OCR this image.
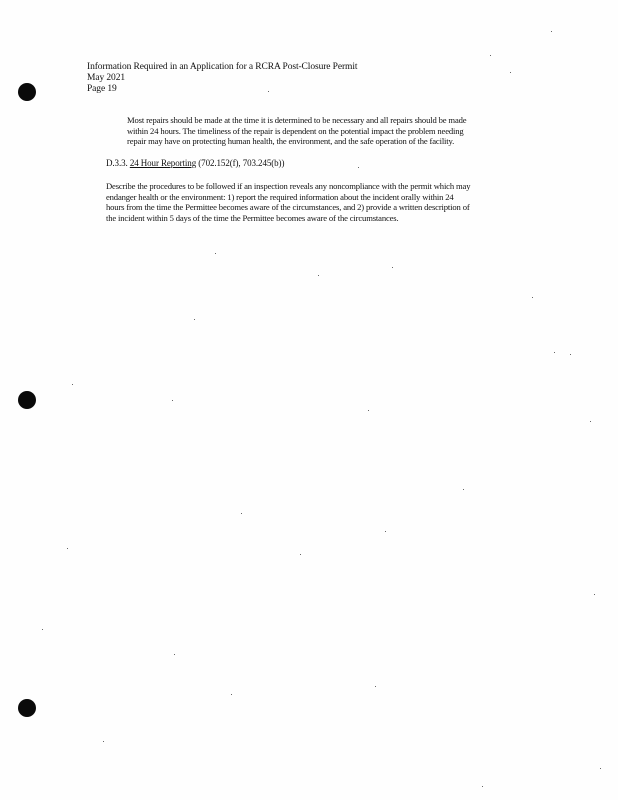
Information Required in an Application for a RCRA Post-Closure Permit
May 2021
Page 19
Most repairs should be made at the time it is determined to be necessary and all repairs should be made
within 24 hours. The timeliness of the repair is dependent on the potential impact the problem needing
repair may have on protecting human health, the environment, and the safe operation of the facility.
D.3.3. 24 Hour Reporting (702.152(f), 703.245(b))
Describe the procedures to be followed if an inspection reveals any noncompliance with the permit which may
endanger health or the environment: 1) report the required information about the incident orally within 24
hours from the time the Permittee becomes aware of the circumstances, and 2) provide a written description of
the incident within 5 days of the time the Permittee becomes aware of the circumstances.
